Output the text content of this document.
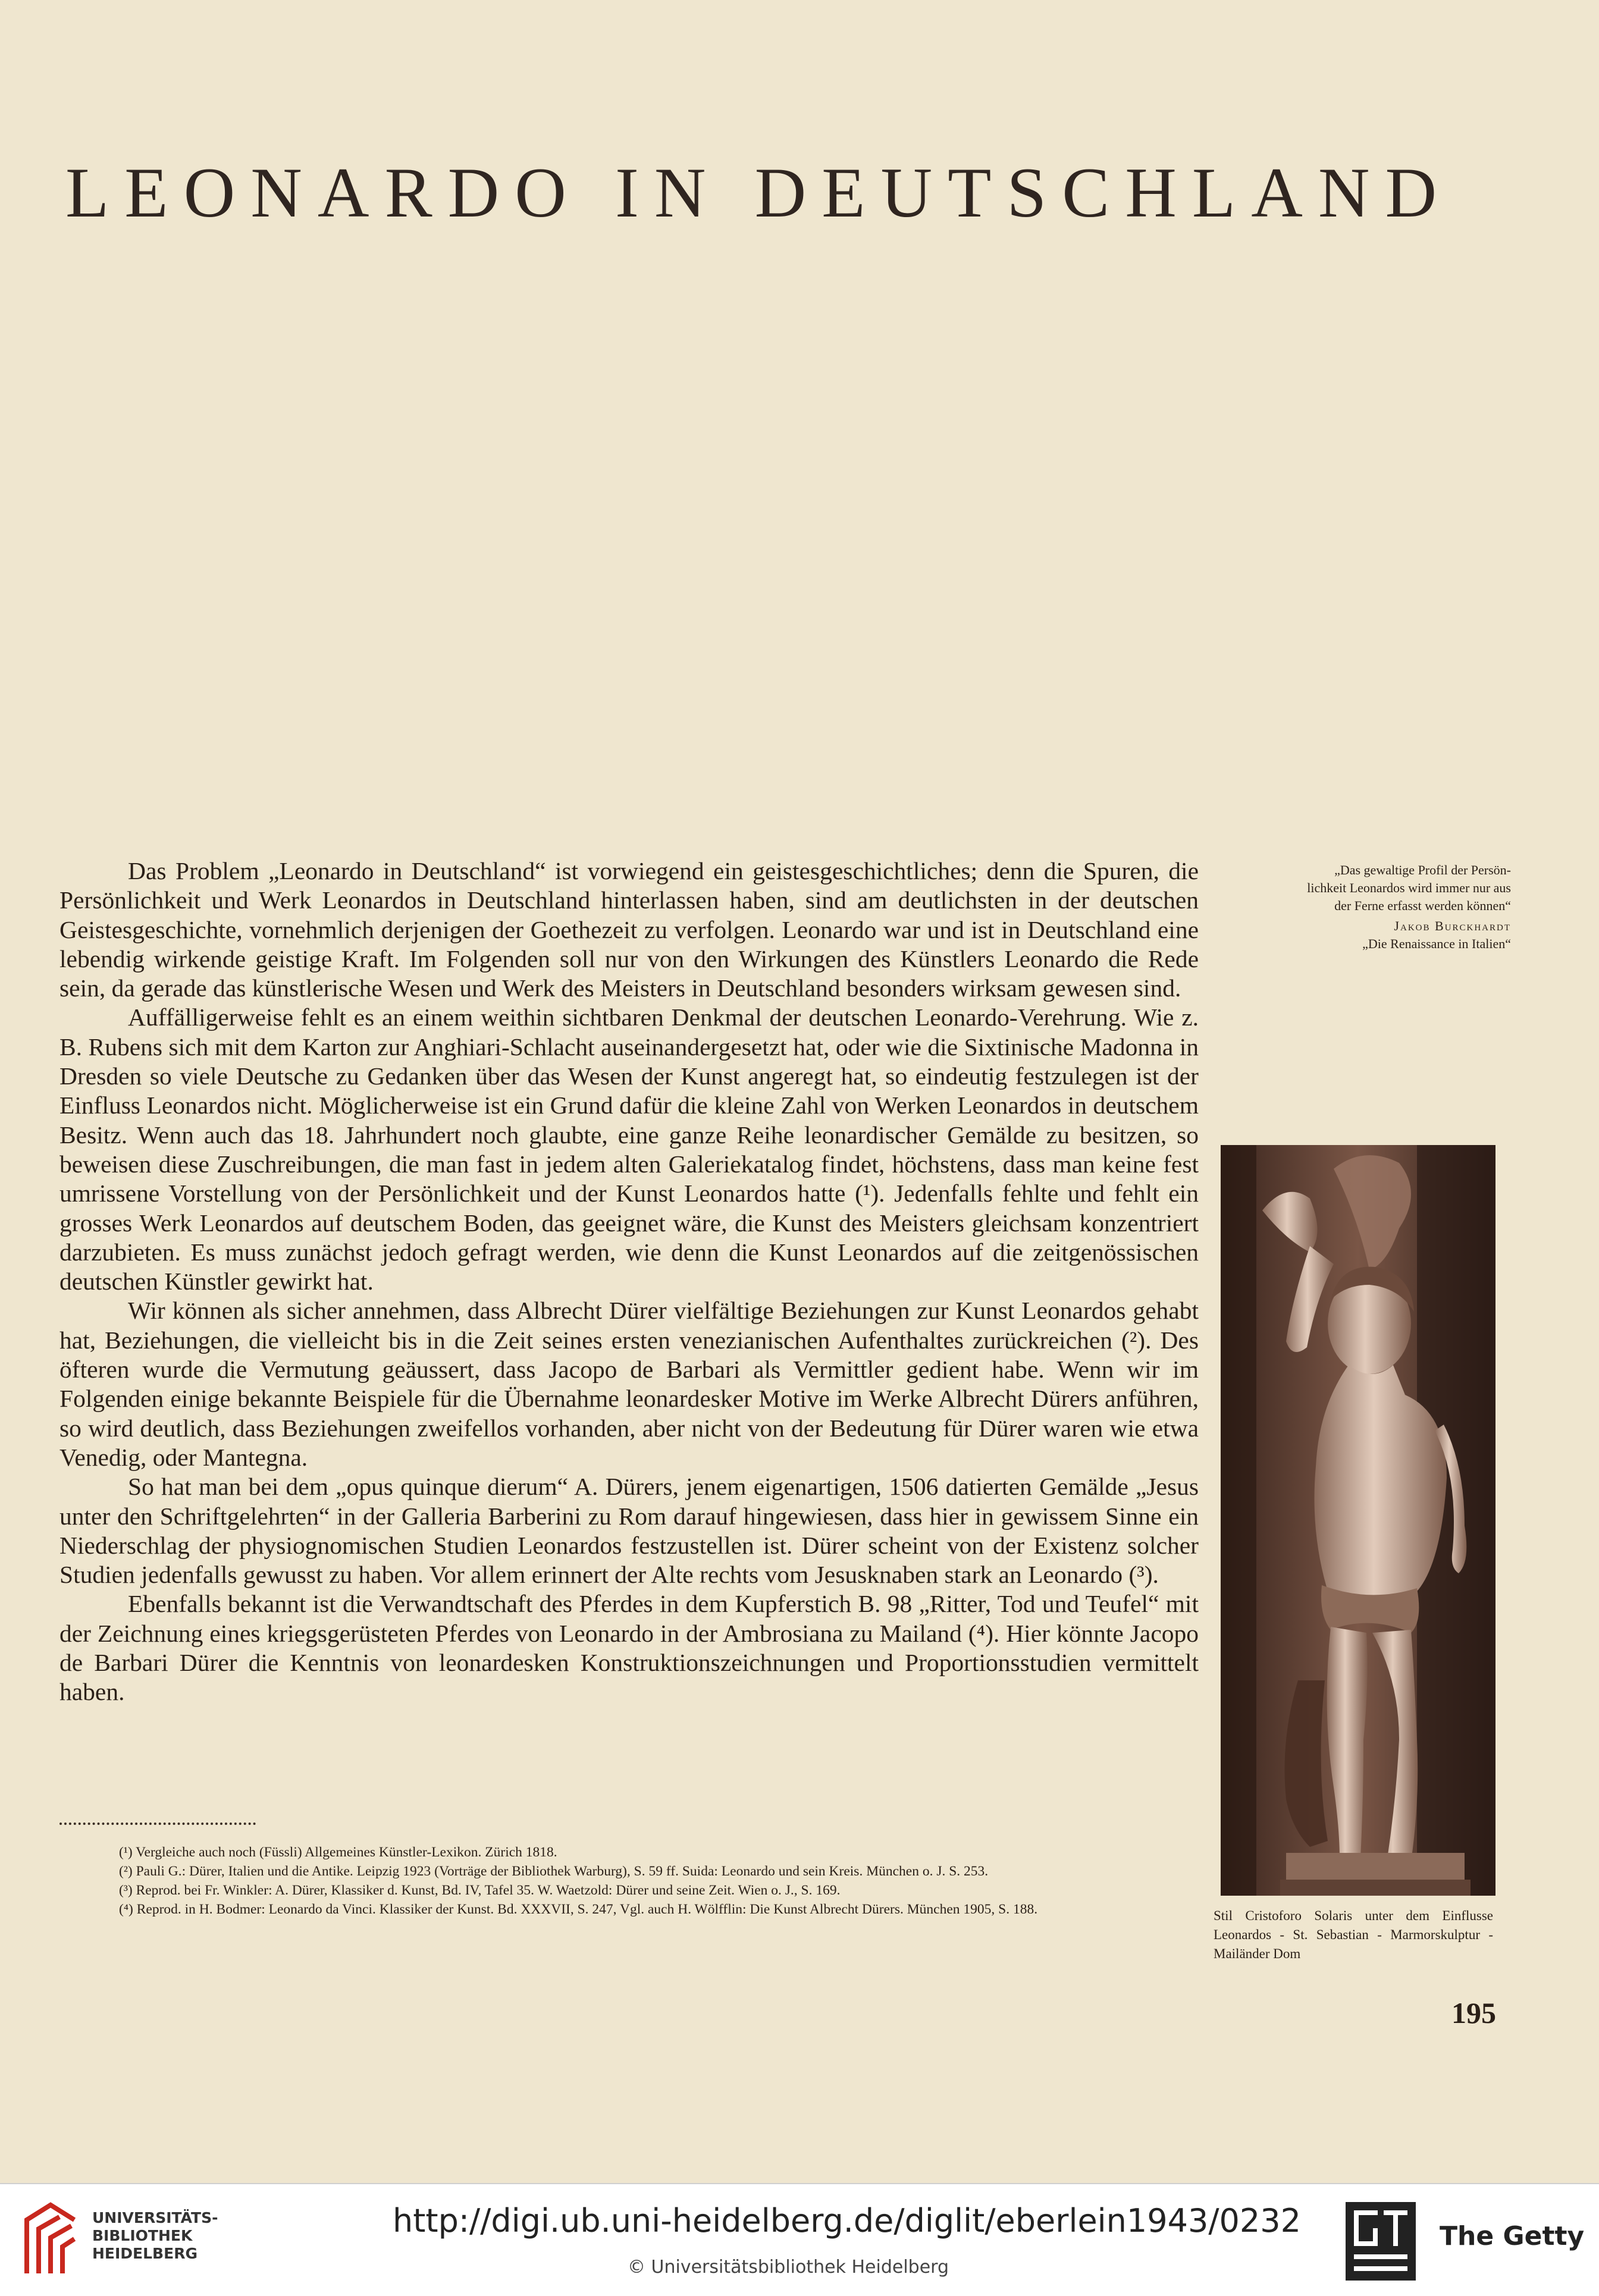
LEONARDO IN DEUTSCHLAND

Das Problem „Leonardo in Deutschland“ ist vorwiegend ein geistesgeschichtliches; denn die Spuren, die Persönlichkeit und Werk Leonardos in Deutschland hinterlassen haben, sind am deutlichsten in der deutschen Geistesgeschichte, vornehmlich derjenigen der Goethezeit zu verfolgen. Leonardo war und ist in Deutschland eine lebendig wirkende geistige Kraft. Im Folgenden soll nur von den Wirkungen des Künstlers Leonardo die Rede sein, da gerade das künstlerische Wesen und Werk des Meisters in Deutschland besonders wirksam gewesen sind.

Auffälligerweise fehlt es an einem weithin sichtbaren Denkmal der deutschen Leonardo-Verehrung. Wie z. B. Rubens sich mit dem Karton zur Anghiari-Schlacht auseinandergesetzt hat, oder wie die Sixtinische Madonna in Dresden so viele Deutsche zu Gedanken über das Wesen der Kunst angeregt hat, so eindeutig festzulegen ist der Einfluss Leonardos nicht. Möglicherweise ist ein Grund dafür die kleine Zahl von Werken Leonardos in deutschem Besitz. Wenn auch das 18. Jahrhundert noch glaubte, eine ganze Reihe leonardischer Gemälde zu besitzen, so beweisen diese Zuschreibungen, die man fast in jedem alten Galeriekatalog findet, höchstens, dass man keine fest umrissene Vorstellung von der Persönlichkeit und der Kunst Leonardos hatte (¹). Jedenfalls fehlte und fehlt ein grosses Werk Leonardos auf deutschem Boden, das geeignet wäre, die Kunst des Meisters gleichsam konzentriert darzubieten. Es muss zunächst jedoch gefragt werden, wie denn die Kunst Leonardos auf die zeitgenössischen deutschen Künstler gewirkt hat.

Wir können als sicher annehmen, dass Albrecht Dürer vielfältige Beziehungen zur Kunst Leonardos gehabt hat, Beziehungen, die vielleicht bis in die Zeit seines ersten venezianischen Aufenthaltes zurückreichen (²). Des öfteren wurde die Vermutung geäussert, dass Jacopo de Barbari als Vermittler gedient habe. Wenn wir im Folgenden einige bekannte Beispiele für die Übernahme leonardesker Motive im Werke Albrecht Dürers anführen, so wird deutlich, dass Beziehungen zweifellos vorhanden, aber nicht von der Bedeutung für Dürer waren wie etwa Venedig, oder Mantegna.

So hat man bei dem „opus quinque dierum“ A. Dürers, jenem eigenartigen, 1506 datierten Gemälde „Jesus unter den Schriftgelehrten“ in der Galleria Barberini zu Rom darauf hingewiesen, dass hier in gewissem Sinne ein Niederschlag der physiognomischen Studien Leonardos festzustellen ist. Dürer scheint von der Existenz solcher Studien jedenfalls gewusst zu haben. Vor allem erinnert der Alte rechts vom Jesusknaben stark an Leonardo (³).

Ebenfalls bekannt ist die Verwandtschaft des Pferdes in dem Kupferstich B. 98 „Ritter, Tod und Teufel“ mit der Zeichnung eines kriegsgerüsteten Pferdes von Leonardo in der Ambrosiana zu Mailand (⁴). Hier könnte Jacopo de Barbari Dürer die Kenntnis von leonardesken Konstruktionszeichnungen und Proportionsstudien vermittelt haben.

„Das gewaltige Profil der Persön-
lichkeit Leonardos wird immer nur aus
der Ferne erfasst werden können“
Jakob Burckhardt
„Die Renaissance in Italien“
Stil Cristoforo Solaris unter dem Einflusse Leonardos - St. Sebastian - Marmorskulptur - Mailänder Dom

(¹) Vergleiche auch noch (Füssli) Allgemeines Künstler-Lexikon. Zürich 1818.

(²) Pauli G.: Dürer, Italien und die Antike. Leipzig 1923 (Vorträge der Bibliothek Warburg), S. 59 ff. Suida: Leonardo und sein Kreis. München o. J. S. 253.

(³) Reprod. bei Fr. Winkler: A. Dürer, Klassiker d. Kunst, Bd. IV, Tafel 35. W. Waetzold: Dürer und seine Zeit. Wien o. J., S. 169.

(⁴) Reprod. in H. Bodmer: Leonardo da Vinci. Klassiker der Kunst. Bd. XXXVII, S. 247, Vgl. auch H. Wölfflin: Die Kunst Albrecht Dürers. München 1905, S. 188.

195
UNIVERSITÄTS-
BIBLIOTHEK
HEIDELBERG
http://digi.ub.uni-heidelberg.de/diglit/eberlein1943/0232
© Universitätsbibliothek Heidelberg
The Getty
